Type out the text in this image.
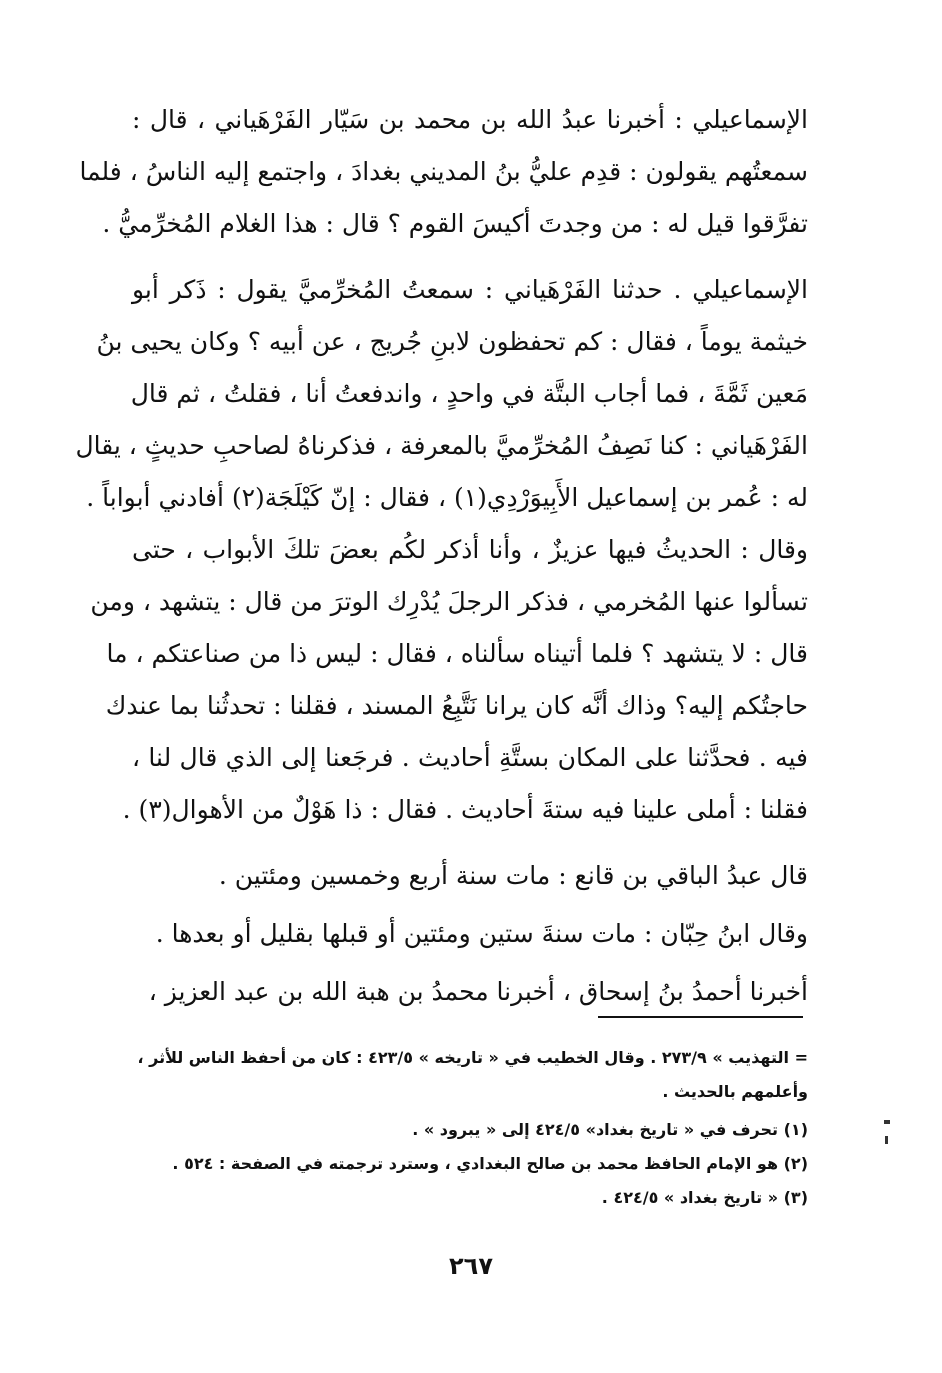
الإسماعيلي : أخبرنا عبدُ الله بن محمد بن سَيّار الفَرْهَياني ، قال :
سمعتُهم يقولون : قدِم عليُّ بنُ المديني بغدادَ ، واجتمع إليه الناسُ ، فلما
تفرَّقوا قيل له : من وجدتَ أكيسَ القوم ؟ قال : هذا الغلام المُخرِّميُّ .
الإسماعيلي . حدثنا الفَرْهَياني : سمعتُ المُخرِّميَّ يقول : ذَكر أبو
خيثمة يوماً ، فقال : كم تحفظون لابنِ جُريج ، عن أبيه ؟ وكان يحيى بنُ
مَعين ثَمَّةَ ، فما أجاب البتَّة في واحدٍ ، واندفعتُ أنا ، فقلتُ ، ثم قال
الفَرْهَياني : كنا نَصِفُ المُخرِّميَّ بالمعرفة ، فذكرناهُ لصاحبِ حديثٍ ، يقال
له : عُمر بن إسماعيل الأَبِيوَرْدِي(١) ، فقال : إنّ كَيْلَجَة(٢) أفادني أبواباً .
وقال : الحديثُ فيها عزيزٌ ، وأنا أذكر لكُم بعضَ تلكَ الأبواب ، حتى
تسألوا عنها المُخرمي ، فذكر الرجلَ يُدْرِك الوترَ من قال : يتشهد ، ومن
قال : لا يتشهد ؟ فلما أتيناه سألناه ، فقال : ليس ذا من صناعتكم ، ما
حاجتُكم إليه؟ وذاك أنَّه كان يرانا نَتَّبِعُ المسند ، فقلنا : تحدثُنا بما عندك
فيه . فحدَّثنا على المكان بستَّةِ أحاديث . فرجَعنا إلى الذي قال لنا ،
فقلنا : أملى علينا فيه ستةَ أحاديث . فقال : ذا هَوْلٌ من الأهوال(٣) .
قال عبدُ الباقي بن قانع : مات سنة أربع وخمسين ومئتين .
وقال ابنُ حِبّان : مات سنةَ ستين ومئتين أو قبلها بقليل أو بعدها .
أخبرنا أحمدُ بنُ إسحاق ، أخبرنا محمدُ بن هبة الله بن عبد العزيز ،
= التهذيب » ٢٧٣/٩ . وقال الخطيب في « تاريخه » ٤٢٣/٥ : كان من أحفظ الناس للأثر ،
وأعلمهم بالحديث .
(١) تحرف في « تاريخ بغداد» ٤٢٤/٥ إلى « يبرود » .
(٢) هو الإمام الحافظ محمد بن صالح البغدادي ، وسترد ترجمته في الصفحة : ٥٢٤ .
(٣) « تاريخ بغداد » ٤٢٤/٥ .
٢٦٧
